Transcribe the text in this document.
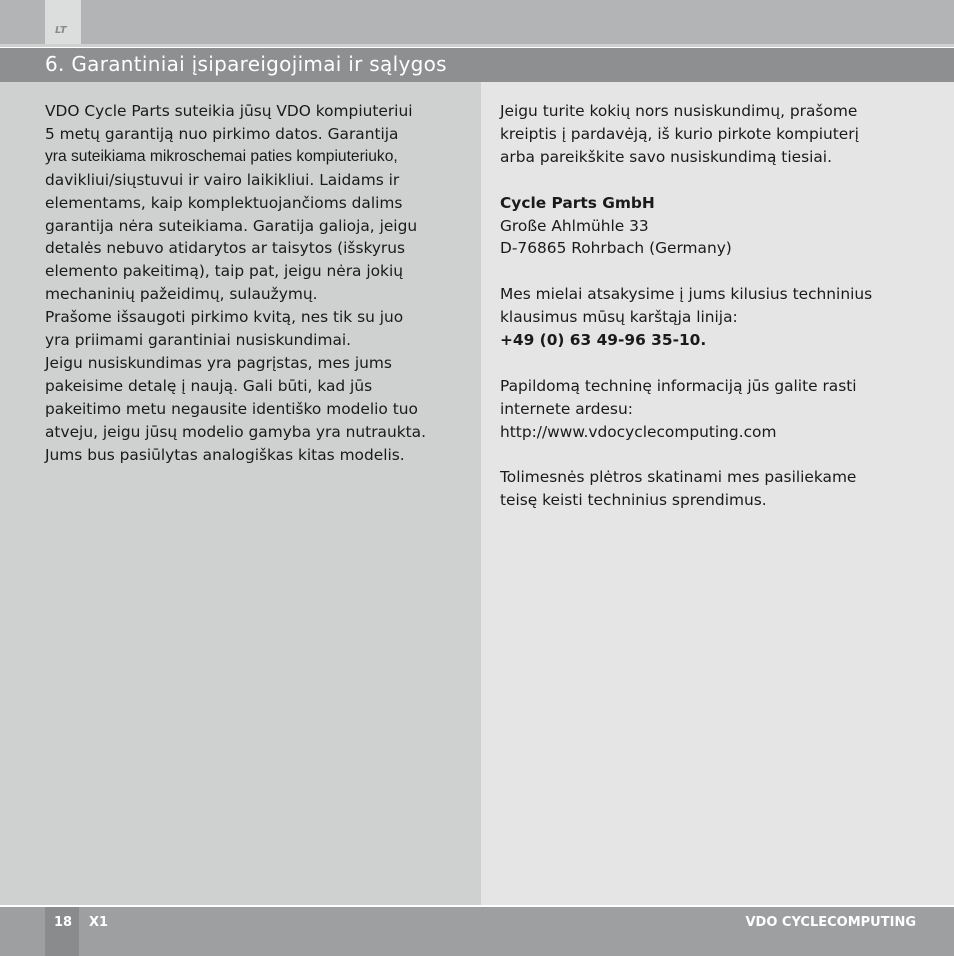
LT
6. Garantiniai įsipareigojimai ir sąlygos

VDO Cycle Parts suteikia jūsų VDO kompiuteriui

5 metų garantiją nuo pirkimo datos. Garantija

yra suteikiama mikroschemai paties kompiuteriuko,

davikliui/siųstuvui ir vairo laikikliui. Laidams ir

elementams, kaip komplektuojančioms dalims

garantija nėra suteikiama. Garatija galioja, jeigu

detalės nebuvo atidarytos ar taisytos (išskyrus

elemento pakeitimą), taip pat, jeigu nėra jokių

mechaninių pažeidimų, sulaužymų.

Prašome išsaugoti pirkimo kvitą, nes tik su juo

yra priimami garantiniai nusiskundimai.

Jeigu nusiskundimas yra pagrįstas, mes jums

pakeisime detalę į naują. Gali būti, kad jūs

pakeitimo metu negausite identiško modelio tuo

atveju, jeigu jūsų modelio gamyba yra nutraukta.

Jums bus pasiūlytas analogiškas kitas modelis.

Jeigu turite kokių nors nusiskundimų, prašome

kreiptis į pardavėją, iš kurio pirkote kompiuterį

arba pareikškite savo nusiskundimą tiesiai.

Cycle Parts GmbH

Große Ahlmühle 33

D-76865 Rohrbach (Germany)

Mes mielai atsakysime į jums kilusius techninius

klausimus mūsų karštąja linija:

+49 (0) 63 49-96 35-10.

Papildomą techninę informaciją jūs galite rasti

internete ardesu:

http://www.vdocyclecomputing.com

Tolimesnės plėtros skatinami mes pasiliekame

teisę keisti techninius sprendimus.

18 X1	VDO CYCLECOMPUTING
